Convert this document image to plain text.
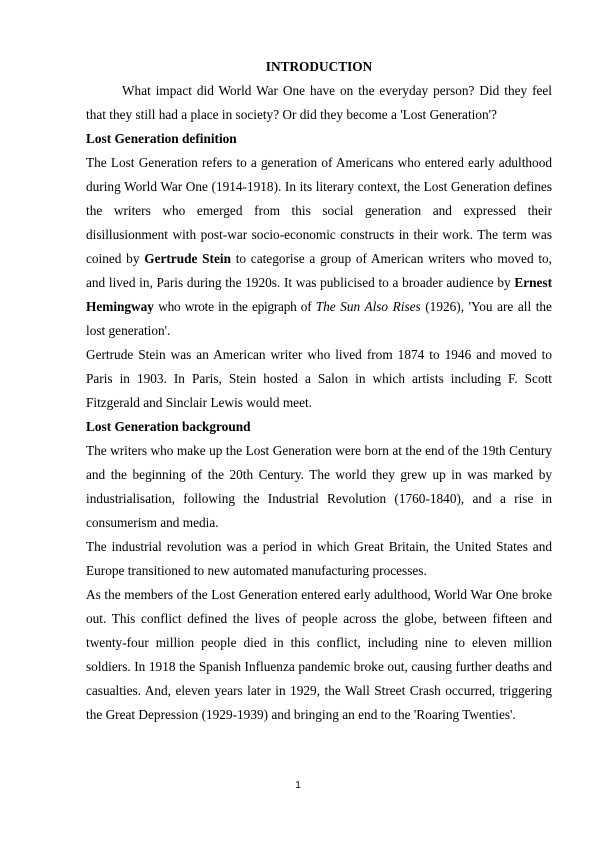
INTRODUCTION

What impact did World War One have on the everyday person? Did they feel that they still had a place in society? Or did they become a 'Lost Generation'?

Lost Generation definition

The Lost Generation refers to a generation of Americans who entered early adulthood during World War One (1914-1918). In its literary context, the Lost Generation defines the writers who emerged from this social generation and expressed their disillusionment with post-war socio-economic constructs in their work. The term was coined by Gertrude Stein to categorise a group of American writers who moved to, and lived in, Paris during the 1920s. It was publicised to a broader audience by Ernest Hemingway who wrote in the epigraph of The Sun Also Rises (1926), 'You are all the lost generation'.

Gertrude Stein was an American writer who lived from 1874 to 1946 and moved to Paris in 1903. In Paris, Stein hosted a Salon in which artists including F. Scott Fitzgerald and Sinclair Lewis would meet.

Lost Generation background

The writers who make up the Lost Generation were born at the end of the 19th Century and the beginning of the 20th Century. The world they grew up in was marked by industrialisation, following the Industrial Revolution (1760-1840), and a rise in consumerism and media.

The industrial revolution was a period in which Great Britain, the United States and Europe transitioned to new automated manufacturing processes.

As the members of the Lost Generation entered early adulthood, World War One broke out. This conflict defined the lives of people across the globe, between fifteen and twenty-four million people died in this conflict, including nine to eleven million soldiers. In 1918 the Spanish Influenza pandemic broke out, causing further deaths and casualties. And, eleven years later in 1929, the Wall Street Crash occurred, triggering the Great Depression (1929-1939) and bringing an end to the 'Roaring Twenties'.

1
